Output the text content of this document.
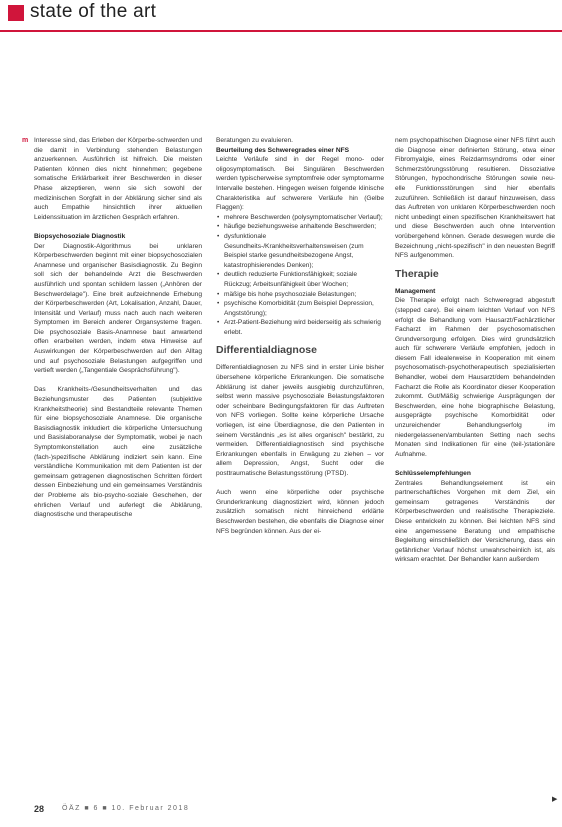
state of the art
m Interesse sind, das Erleben der Körperbe-schwerden und die damit in Verbindung stehenden Belastungen anzuerkennen. Ausführlich ist hilfreich. Die meisten Patienten können dies nicht hinnehmen; gegebene somatische Erklärbarkeit ihrer Beschwerden in dieser Phase akzeptieren, wenn sie sich sowohl der medizinischen Sorgfalt in der Abklärung sicher sind als auch Empathie hinsichtlich ihrer aktuellen Leidenssituation im ärztlichen Gespräch erfahren.

Biopsychosoziale Diagnostik

Der Diagnostik-Algorithmus bei unklaren Körperbeschwerden beginnt mit einer biopsychosozialen Anamnese und organischer Basisdiagnostik. Zu Beginn soll sich der behandelnde Arzt die Beschwerden ausführlich und spontan schildern lassen („Anhören der Beschwerdelage"). Eine breit aufzeichnende Erhebung der Körperbeschwerden (Art, Lokalisation, Anzahl, Dauer, Intensität und Verlauf) muss nach auch nach weiteren Symptomen im Bereich anderer Organsysteme fragen. Die psychosoziale Basis-Anamnese baut anwartend offen erarbeiten werden, indem etwa Hinweise auf Auswirkungen der Körperbeschwerden auf den Alltag und auf psychosoziale Belastungen aufgegriffen und vertieft werden („Tangentiale Gesprächsführung").

Das Krankheits-/Gesundheitsverhalten und das Beziehungsmuster des Patienten (subjektive Krankheitstheorie) sind Bestandteile relevante Themen für eine biopsychosoziale Anamnese. Die organische Basisdiagnostik inkludiert die körperliche Untersuchung und Basislaboranalyse der Symptomatik, wobei je nach Symptomkonstellation auch eine zusätzliche (fach-)spezifische Abklärung indiziert sein kann. Eine verständliche Kommunikation mit dem Patienten ist der gemeinsam getragenen diagnostischen Schritten fördert dessen Einbeziehung und ein gemeinsames Verständnis der Probleme als bio-psycho-soziale Geschehen, der ehrlichen Verlauf und auferlegt die Abklärung, diagnostische und therapeutische

Beratungen zu evaluieren.

Beurteilung des Schweregrades einer NFS

Leichte Verläufe sind in der Regel mono- oder oligosymptomatisch. Bei Singulären Beschwerden werden typischerweise symptomfreie oder symptomarme Intervalle bestehen. Hingegen weisen folgende klinische Charakteristika auf schwerere Verläufe hin (Gelbe Flaggen):

• mehrere Beschwerden (polysymptomatischer Verlauf);
• häufige beziehungsweise anhaltende Beschwerden;
• dysfunktionale Gesundheits-/Krankheitsverhaltensweisen (zum Beispiel starke gesundheitsbezogene Angst, katastrophisierendes Denken);
• deutlich reduzierte Funktionsfähigkeit; soziale Rückzug; Arbeitsunfähigkeit über Wochen;
• mäßige bis hohe psychosoziale Belastungen;
• psychische Komorbidität (zum Beispiel Depression, Angststörung);
• Arzt-Patient-Beziehung wird beiderseitig als schwierig erlebt.
Differentialdiagnose

Differentialdiagnosen zu NFS sind in erster Linie bisher übersehene körperliche Erkrankungen. Die somatische Abklärung ist daher jeweils ausgiebig durchzuführen, selbst wenn massive psychosoziale Belastungsfaktoren oder scheinbare Bedingungsfaktoren für das Auftreten von NFS vorliegen. Sollte keine körperliche Ursache vorliegen, ist eine Überdiagnose, die den Patienten in seinem Verständnis „es ist alles organisch" bestärkt, zu vermeiden. Differentialdiagnostisch sind psychische Erkrankungen ebenfalls in Erwägung zu ziehen – vor allem Depression, Angst, Sucht oder die posttraumatische Belastungsstörung (PTSD).

Auch wenn eine körperliche oder psychische Grunderkrankung diagnostiziert wird, können jedoch zusätzlich somatisch nicht hinreichend erklärte Beschwerden bestehen, die ebenfalls die Diagnose einer NFS begründen können. Aus der ei-

nem psychopathischen Diagnose einer NFS führt auch die Diagnose einer definierten Störung, etwa einer Fibromyalgie, eines Reizdarmsyndroms oder einer Schmerzstörungsstörung resultieren. Dissoziative Störungen, hypochondrische Störungen sowie neu-elle Funktionsstörungen sind hier ebenfalls zuzuführen. Schließlich ist darauf hinzuweisen, dass das Auftreten von unklaren Körperbeschwerden noch nicht unbedingt einen spezifischen Krankheitswert hat und diese Beschwerden auch ohne Intervention vorübergehend können. Gerade deswegen wurde die Bezeichnung „nicht-spezifisch" in den neuesten Begriff NFS aufgenommen.

Therapie

Management

Die Therapie erfolgt nach Schweregrad abgestuft (stepped care). Bei einem leichten Verlauf von NFS erfolgt die Behandlung vom Hausarzt/Fachärztlicher Facharzt im Rahmen der psychosomatischen Grundversorgung erfolgen. Dies wird grundsätzlich auch für schwerere Verläufe empfohlen, jedoch in diesem Fall idealerweise in Kooperation mit einem psychosomatisch-psychotherapeutisch spezialisierten Behandler, wobei dem Hausarzt/dem behandelnden Facharzt die Rolle als Koordinator dieser Kooperation zukommt. Gut/Mäßig schwierige Ausprägungen der Beschwerden, eine hohe biographische Belastung, ausgeprägte psychische Komorbidität oder unzureichender Behandlungserfolg im niedergelassenen/ambulanten Setting nach sechs Monaten sind Indikationen für eine (teil-)stationäre Aufnahme.

Schlüsselempfehlungen

Zentrales Behandlungselement ist ein partnerschaftliches Vorgehen mit dem Ziel, ein gemeinsam getragenes Verständnis der Körperbeschwerden und realistische Therapieziele. Diese entwickeln zu können. Bei leichten NFS sind eine angemessene Beratung und empathische Begleitung einschließlich der Versicherung, dass ein gefährlicher Verlauf höchst unwahrscheinlich ist, als wirksam erachtet. Der Behandler kann außerdem

▶
28	ÖÄZ ■ 6 ■ 10. Februar 2018
